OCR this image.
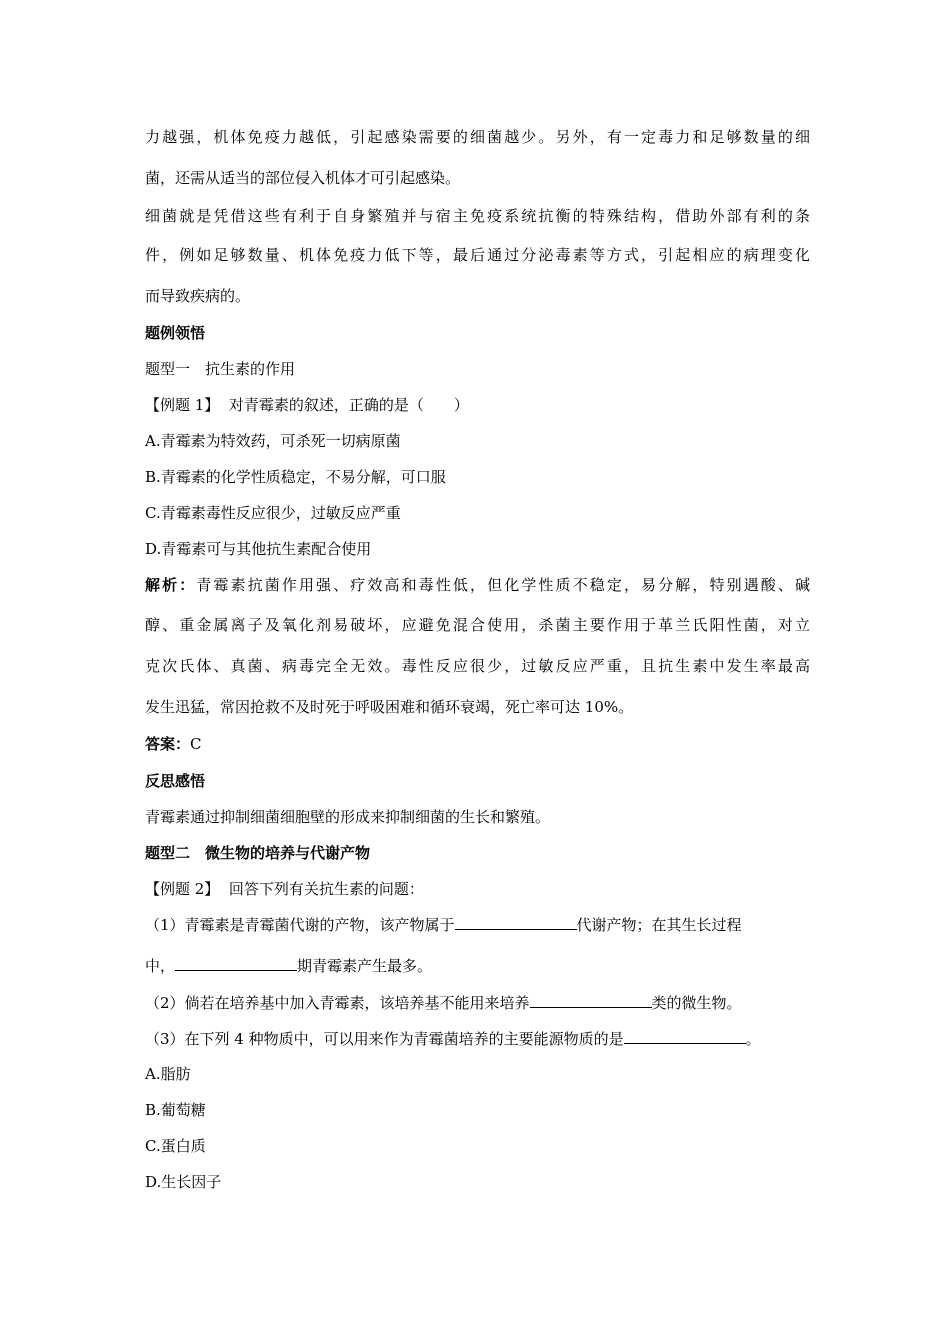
力越强，机体免疫力越低，引起感染需要的细菌越少。另外，有一定毒力和足够数量的细
菌，还需从适当的部位侵入机体才可引起感染。
细菌就是凭借这些有利于自身繁殖并与宿主免疫系统抗衡的特殊结构，借助外部有利的条
件，例如足够数量、机体免疫力低下等，最后通过分泌毒素等方式，引起相应的病理变化
而导致疾病的。
题例领悟
题型一　抗生素的作用
【例题 1】 对青霉素的叙述，正确的是（　　）
A.青霉素为特效药，可杀死一切病原菌
B.青霉素的化学性质稳定，不易分解，可口服
C.青霉素毒性反应很少，过敏反应严重
D.青霉素可与其他抗生素配合使用
解析：青霉素抗菌作用强、疗效高和毒性低，但化学性质不稳定，易分解，特别遇酸、碱
醇、重金属离子及氧化剂易破坏，应避免混合使用，杀菌主要作用于革兰氏阳性菌，对立
克次氏体、真菌、病毒完全无效。毒性反应很少，过敏反应严重，且抗生素中发生率最高
发生迅猛，常因抢救不及时死于呼吸困难和循环衰竭，死亡率可达 10%。
答案：C
反思感悟
青霉素通过抑制细菌细胞壁的形成来抑制细菌的生长和繁殖。
题型二　微生物的培养与代谢产物
【例题 2】 回答下列有关抗生素的问题：
（1）青霉素是青霉菌代谢的产物，该产物属于	代谢产物；在其生长过程
中，	期青霉素产生最多。
（2）倘若在培养基中加入青霉素，该培养基不能用来培养	类的微生物。
（3）在下列 4 种物质中，可以用来作为青霉菌培养的主要能源物质的是	。
A.脂肪
B.葡萄糖
C.蛋白质
D.生长因子
